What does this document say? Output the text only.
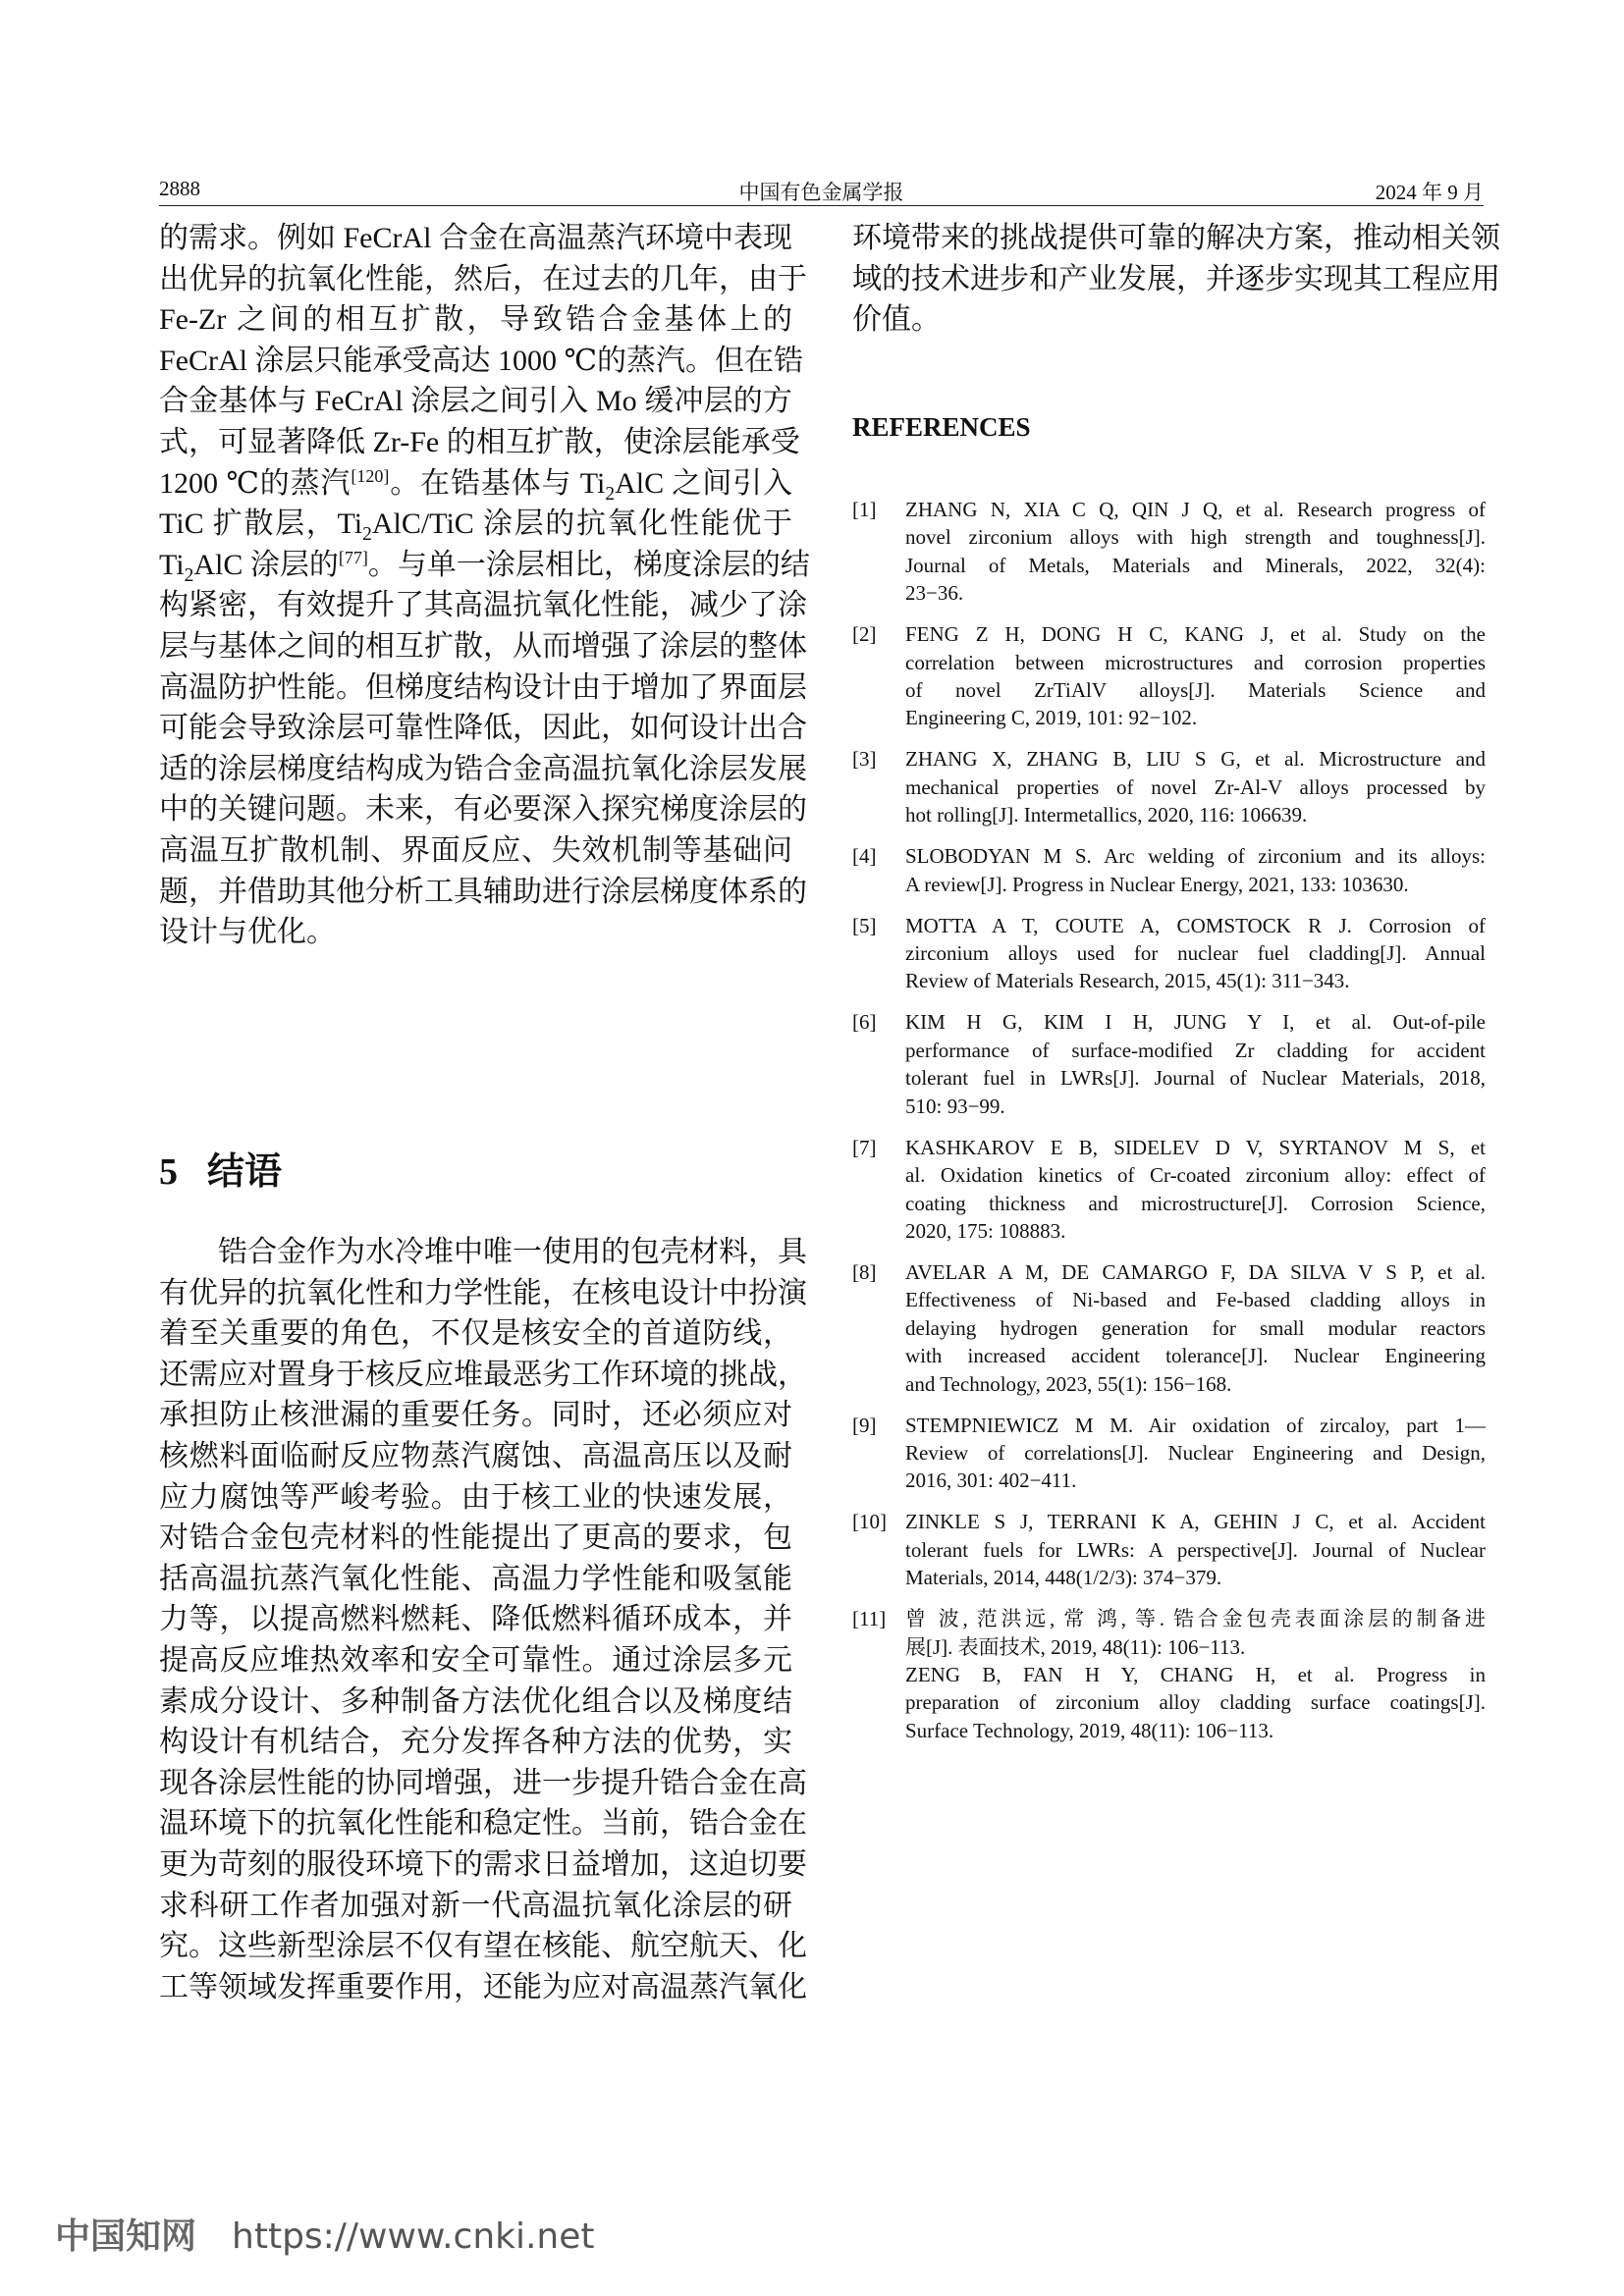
2888	中国有色金属学报	2024 年 9 月

的需求。例如 FeCrAl 合金在高温蒸汽环境中表现
出优异的抗氧化性能，然后，在过去的几年，由于
Fe-Zr 之间的相互扩散，导致锆合金基体上的
FeCrAl 涂层只能承受高达 1000 ℃的蒸汽。但在锆
合金基体与 FeCrAl 涂层之间引入 Mo 缓冲层的方
式，可显著降低 Zr-Fe 的相互扩散，使涂层能承受
1200 ℃的蒸汽[120]。在锆基体与 $Ti_2AlC$ 之间引入
TiC 扩散层，$Ti_2AlC$/TiC 涂层的抗氧化性能优于
$Ti_2AlC$ 涂层的[77]。与单一涂层相比，梯度涂层的结
构紧密，有效提升了其高温抗氧化性能，减少了涂
层与基体之间的相互扩散，从而增强了涂层的整体
高温防护性能。但梯度结构设计由于增加了界面层
可能会导致涂层可靠性降低，因此，如何设计出合
适的涂层梯度结构成为锆合金高温抗氧化涂层发展
中的关键问题。未来，有必要深入探究梯度涂层的
高温互扩散机制、界面反应、失效机制等基础问
题，并借助其他分析工具辅助进行涂层梯度体系的
设计与优化。

5 结语

锆合金作为水冷堆中唯一使用的包壳材料，具
有优异的抗氧化性和力学性能，在核电设计中扮演
着至关重要的角色，不仅是核安全的首道防线，
还需应对置身于核反应堆最恶劣工作环境的挑战，
承担防止核泄漏的重要任务。同时，还必须应对
核燃料面临耐反应物蒸汽腐蚀、高温高压以及耐
应力腐蚀等严峻考验。由于核工业的快速发展，
对锆合金包壳材料的性能提出了更高的要求，包
括高温抗蒸汽氧化性能、高温力学性能和吸氢能
力等，以提高燃料燃耗、降低燃料循环成本，并
提高反应堆热效率和安全可靠性。通过涂层多元
素成分设计、多种制备方法优化组合以及梯度结
构设计有机结合，充分发挥各种方法的优势，实
现各涂层性能的协同增强，进一步提升锆合金在高
温环境下的抗氧化性能和稳定性。当前，锆合金在
更为苛刻的服役环境下的需求日益增加，这迫切要
求科研工作者加强对新一代高温抗氧化涂层的研
究。这些新型涂层不仅有望在核能、航空航天、化
工等领域发挥重要作用，还能为应对高温蒸汽氧化

环境带来的挑战提供可靠的解决方案，推动相关领
域的技术进步和产业发展，并逐步实现其工程应用
价值。

REFERENCES
[1]	ZHANG N, XIA C Q, QIN J Q, et al. Research progress of
novel zirconium alloys with high strength and toughness[J].
Journal of Metals, Materials and Minerals, 2022, 32(4):
23−36.
[2]	FENG Z H, DONG H C, KANG J, et al. Study on the
correlation between microstructures and corrosion properties
of novel ZrTiAlV alloys[J]. Materials Science and
Engineering C, 2019, 101: 92−102.
[3]	ZHANG X, ZHANG B, LIU S G, et al. Microstructure and
mechanical properties of novel Zr-Al-V alloys processed by
hot rolling[J]. Intermetallics, 2020, 116: 106639.
[4]	SLOBODYAN M S. Arc welding of zirconium and its alloys:
A review[J]. Progress in Nuclear Energy, 2021, 133: 103630.
[5]	MOTTA A T, COUTE A, COMSTOCK R J. Corrosion of
zirconium alloys used for nuclear fuel cladding[J]. Annual
Review of Materials Research, 2015, 45(1): 311−343.
[6]	KIM H G, KIM I H, JUNG Y I, et al. Out-of-pile
performance of surface-modified Zr cladding for accident
tolerant fuel in LWRs[J]. Journal of Nuclear Materials, 2018,
510: 93−99.
[7]	KASHKAROV E B, SIDELEV D V, SYRTANOV M S, et
al. Oxidation kinetics of Cr-coated zirconium alloy: effect of
coating thickness and microstructure[J]. Corrosion Science,
2020, 175: 108883.
[8]	AVELAR A M, DE CAMARGO F, DA SILVA V S P, et al.
Effectiveness of Ni-based and Fe-based cladding alloys in
delaying hydrogen generation for small modular reactors
with increased accident tolerance[J]. Nuclear Engineering
and Technology, 2023, 55(1): 156−168.
[9]	STEMPNIEWICZ M M. Air oxidation of zircaloy, part 1—
Review of correlations[J]. Nuclear Engineering and Design,
2016, 301: 402−411.
[10] ZINKLE S J, TERRANI K A, GEHIN J C, et al. Accident
tolerant fuels for LWRs: A perspective[J]. Journal of Nuclear
Materials, 2014, 448(1/2/3): 374−379.
[11] 曾 波, 范洪远, 常 鸿, 等. 锆合金包壳表面涂层的制备进
展[J]. 表面技术, 2019, 48(11): 106−113.
ZENG B, FAN H Y, CHANG H, et al. Progress in
preparation of zirconium alloy cladding surface coatings[J].
Surface Technology, 2019, 48(11): 106−113.
中国知网 https://www.cnki.net
